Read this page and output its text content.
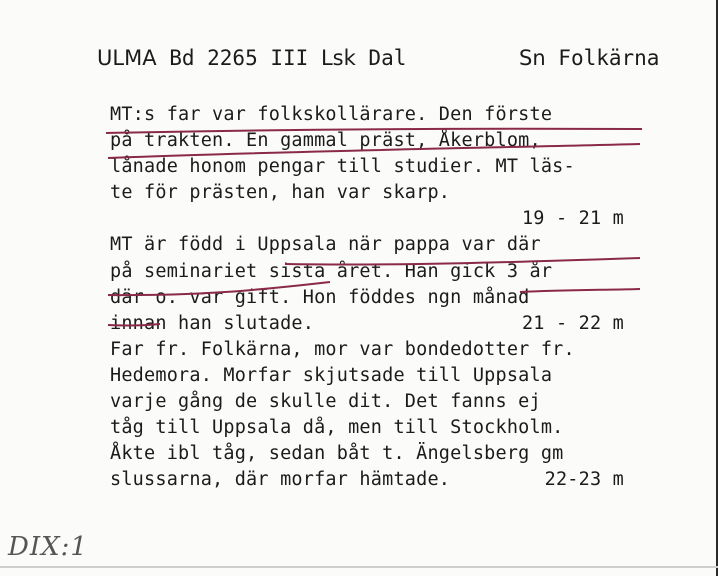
ULMA Bd 2265 III Lsk Dal	Sn Folkärna
MT:s far var folkskollärare. Den förste
på trakten. En gammal präst, Åkerblom,
lånade honom pengar till studier. MT läs-
te för prästen, han var skarp.
19 - 21 m
MT är född i Uppsala när pappa var där
på seminariet sista året. Han gick 3 år
där o. var gift. Hon föddes ngn månad
innan han slutade.	21 - 22 m
Far fr. Folkärna, mor var bondedotter fr.
Hedemora. Morfar skjutsade till Uppsala
varje gång de skulle dit. Det fanns ej
tåg till Uppsala då, men till Stockholm.
Åkte ibl tåg, sedan båt t. Ängelsberg gm
slussarna, där morfar hämtade.	22-23 m
DIX:1
